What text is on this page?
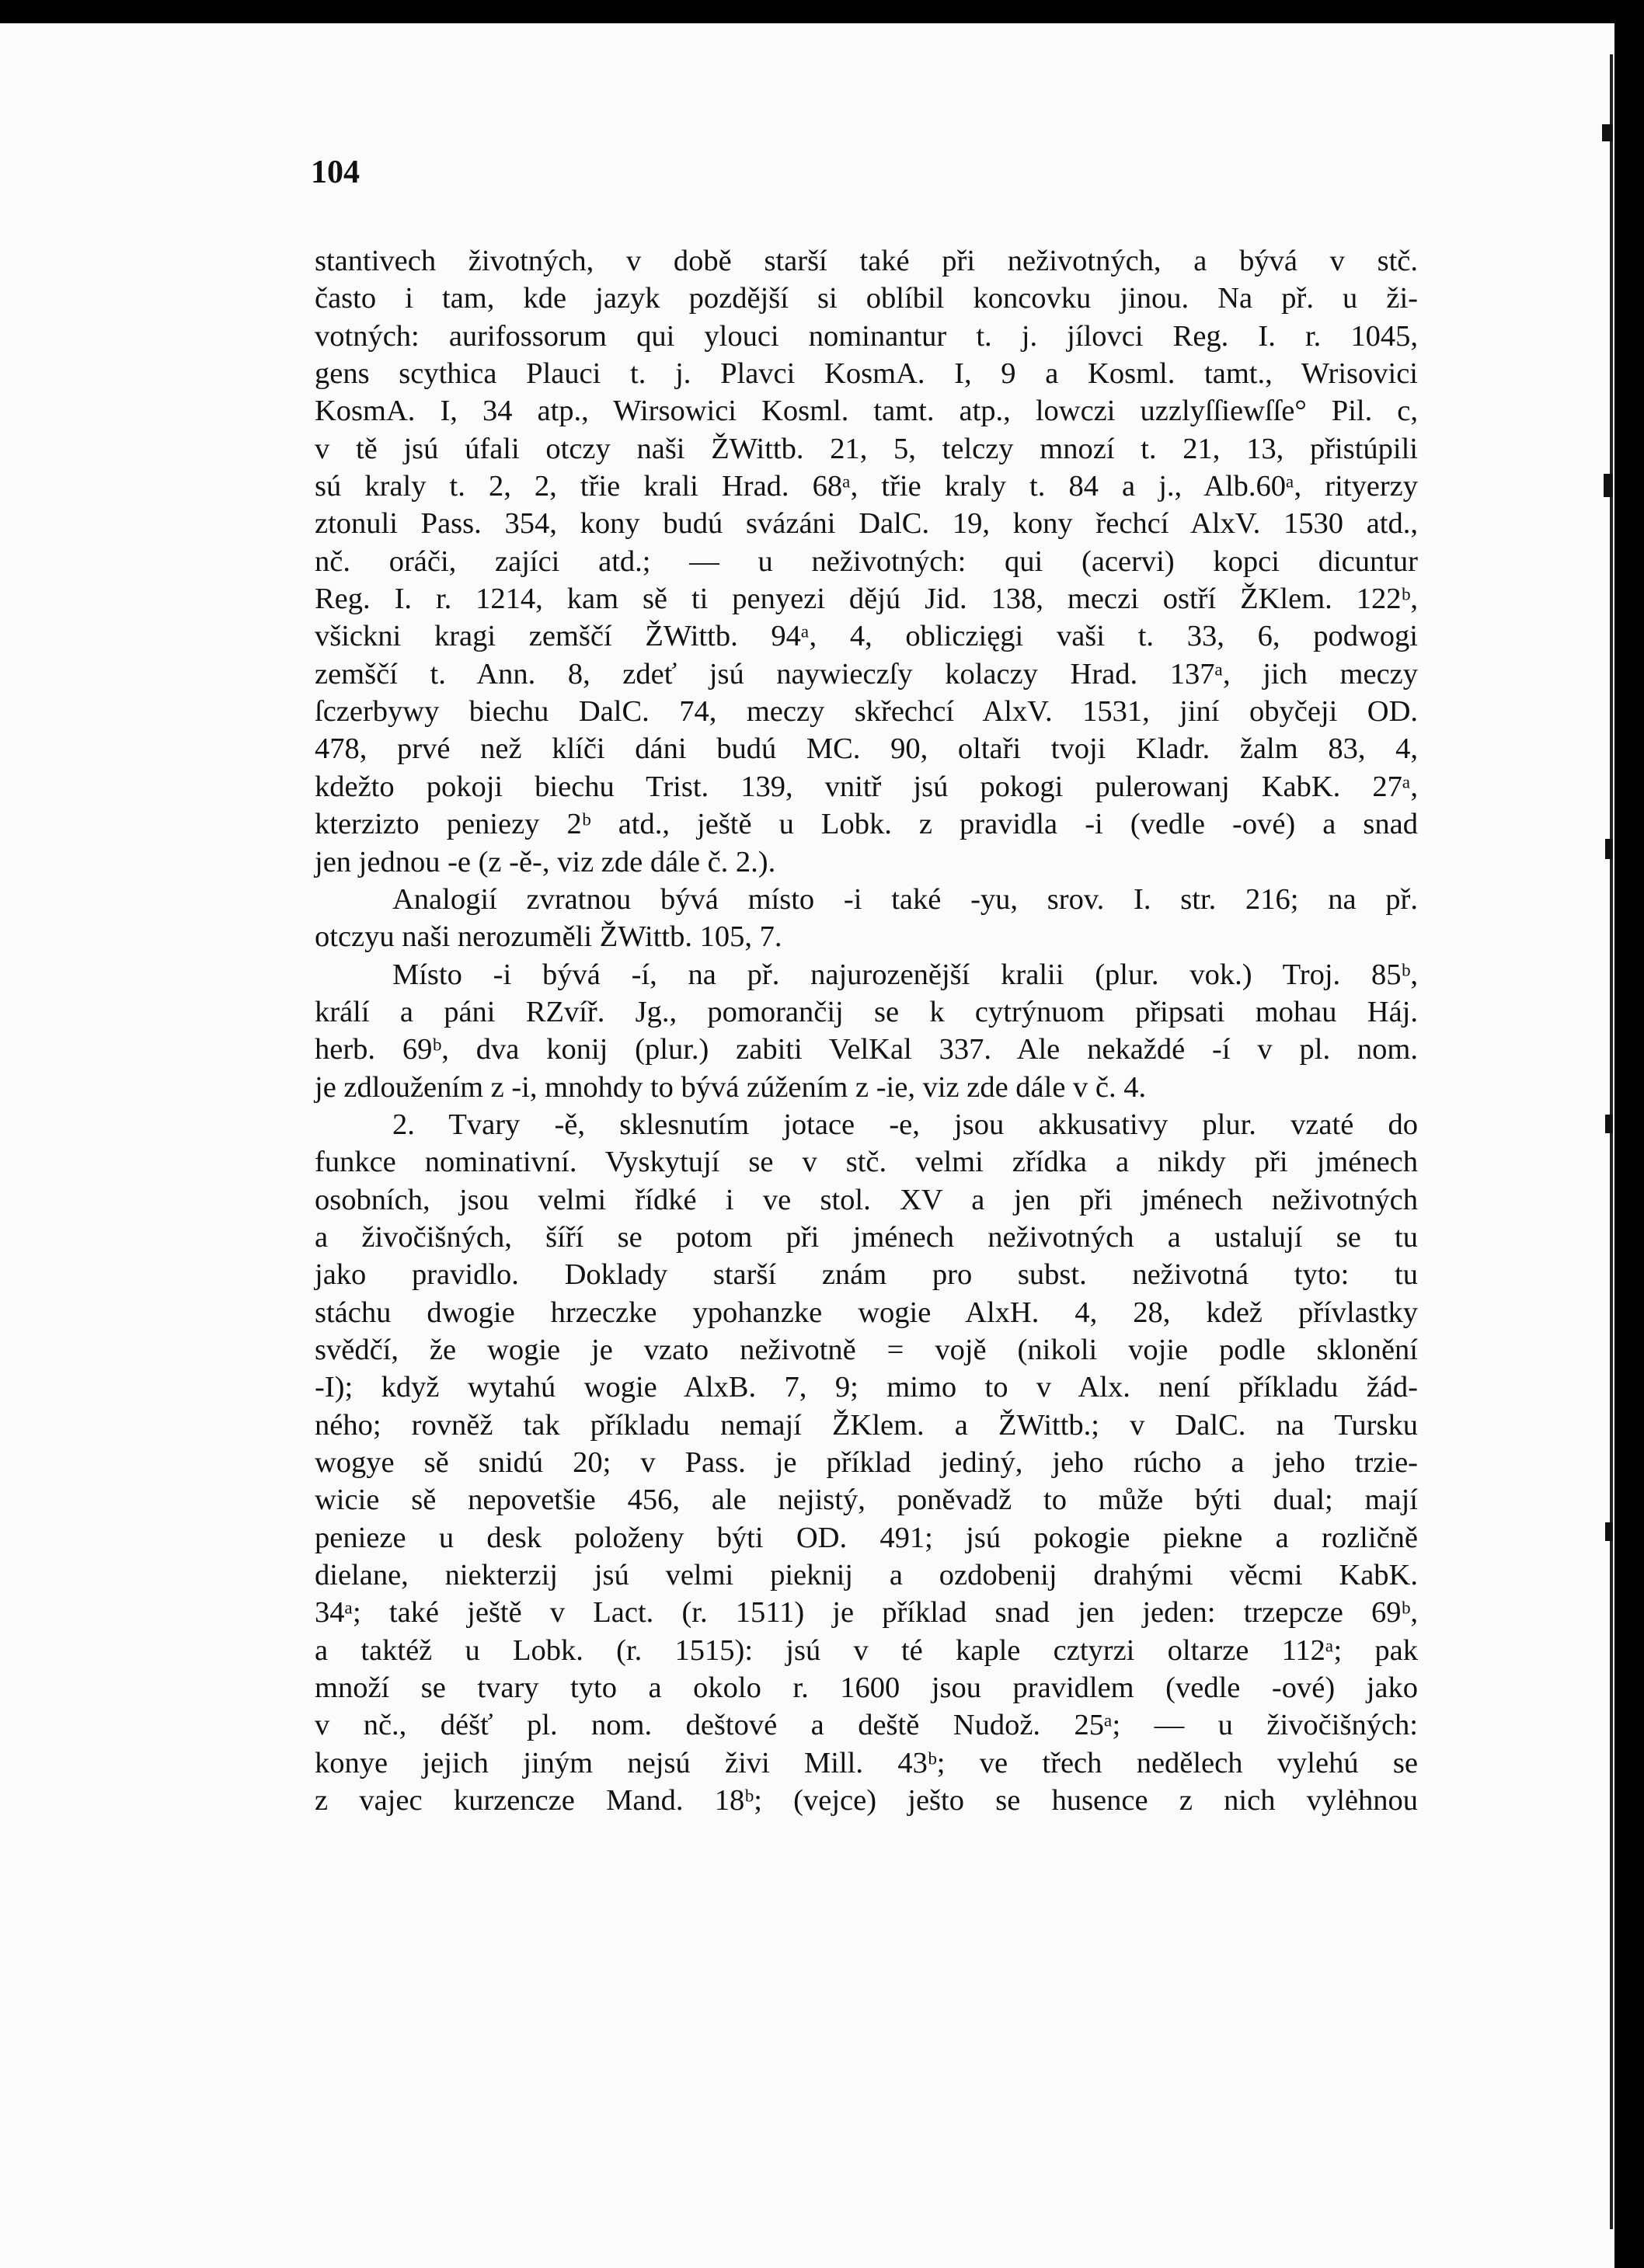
104
stantivech životných, v době starší také při neživotných, a bývá v stč.
často i tam, kde jazyk pozdější si oblíbil koncovku jinou. Na př. u ži-
votných: aurifossorum qui ylouci nominantur t. j. jílovci Reg. I. r. 1045,
gens scythica Plauci t. j. Plavci KosmA. I, 9 a Kosml. tamt., Wrisovici
KosmA. I, 34 atp., Wirsowici Kosml. tamt. atp., lowczi uzzlyſſiewſſe° Pil. c,
v tě jsú úfali otczy naši ŽWittb. 21, 5, telczy mnozí t. 21, 13, přistúpili
sú kraly t. 2, 2, třie krali Hrad. 68ᵃ, třie kraly t. 84 a j., Alb.60ᵃ, rityerzy
ztonuli Pass. 354, kony budú svázáni DalC. 19, kony řechcí AlxV. 1530 atd.,
nč. oráči, zajíci atd.; — u neživotných: qui (acervi) kopci dicuntur
Reg. I. r. 1214, kam sě ti penyezi dějú Jid. 138, meczi ostří ŽKlem. 122ᵇ,
všickni kragi zemščí ŽWittb. 94ᵃ, 4, obliczięgi vaši t. 33, 6, podwogi
zemščí t. Ann. 8, zdeť jsú naywieczſy kolaczy Hrad. 137ᵃ, jich meczy
ſczerbywy biechu DalC. 74, meczy skřechcí AlxV. 1531, jiní obyčeji OD.
478, prvé než klíči dáni budú MC. 90, oltaři tvoji Kladr. žalm 83, 4,
kdežto pokoji biechu Trist. 139, vnitř jsú pokogi pulerowanj KabK. 27ᵃ,
kterzizto peniezy 2ᵇ atd., ještě u Lobk. z pravidla -i (vedle -ové) a snad
jen jednou -e (z -ě-, viz zde dále č. 2.).
Analogií zvratnou bývá místo -i také -yu, srov. I. str. 216; na př.
otczyu naši nerozuměli ŽWittb. 105, 7.
Místo -i bývá -í, na př. najurozenější kralii (plur. vok.) Troj. 85ᵇ,
králí a páni RZvíř. Jg., pomorančij se k cytrýnuom připsati mohau Háj.
herb. 69ᵇ, dva konij (plur.) zabiti VelKal 337. Ale nekaždé -í v pl. nom.
je zdloužením z -i, mnohdy to bývá zúžením z -ie, viz zde dále v č. 4.
2. Tvary -ě, sklesnutím jotace -e, jsou akkusativy plur. vzaté do
funkce nominativní. Vyskytují se v stč. velmi zřídka a nikdy při jménech
osobních, jsou velmi řídké i ve stol. XV a jen při jménech neživotných
a živočišných, šíří se potom při jménech neživotných a ustalují se tu
jako pravidlo. Doklady starší znám pro subst. neživotná tyto: tu
stáchu dwogie hrzeczke ypohanzke wogie AlxH. 4, 28, kdež přívlastky
svědčí, že wogie je vzato neživotně = vojě (nikoli vojie podle sklonění
-I); když wytahú wogie AlxB. 7, 9; mimo to v Alx. není příkladu žád-
ného; rovněž tak příkladu nemají ŽKlem. a ŽWittb.; v DalC. na Tursku
wogye sě snidú 20; v Pass. je příklad jediný, jeho rúcho a jeho trzie-
wicie sě nepovetšie 456, ale nejistý, poněvadž to může býti dual; mají
penieze u desk položeny býti OD. 491; jsú pokogie piekne a rozličně
dielane, niekterzij jsú velmi pieknij a ozdobenij drahými věcmi KabK.
34ᵃ; také ještě v Lact. (r. 1511) je příklad snad jen jeden: trzepcze 69ᵇ,
a taktéž u Lobk. (r. 1515): jsú v té kaple cztyrzi oltarze 112ᵃ; pak
množí se tvary tyto a okolo r. 1600 jsou pravidlem (vedle -ové) jako
v nč., déšť pl. nom. deštové a deště Nudož. 25ᵃ; — u živočišných:
konye jejich jiným nejsú živi Mill. 43ᵇ; ve třech nedělech vylehú se
z vajec kurzencze Mand. 18ᵇ; (vejce) ješto se husence z nich vylėhnou
